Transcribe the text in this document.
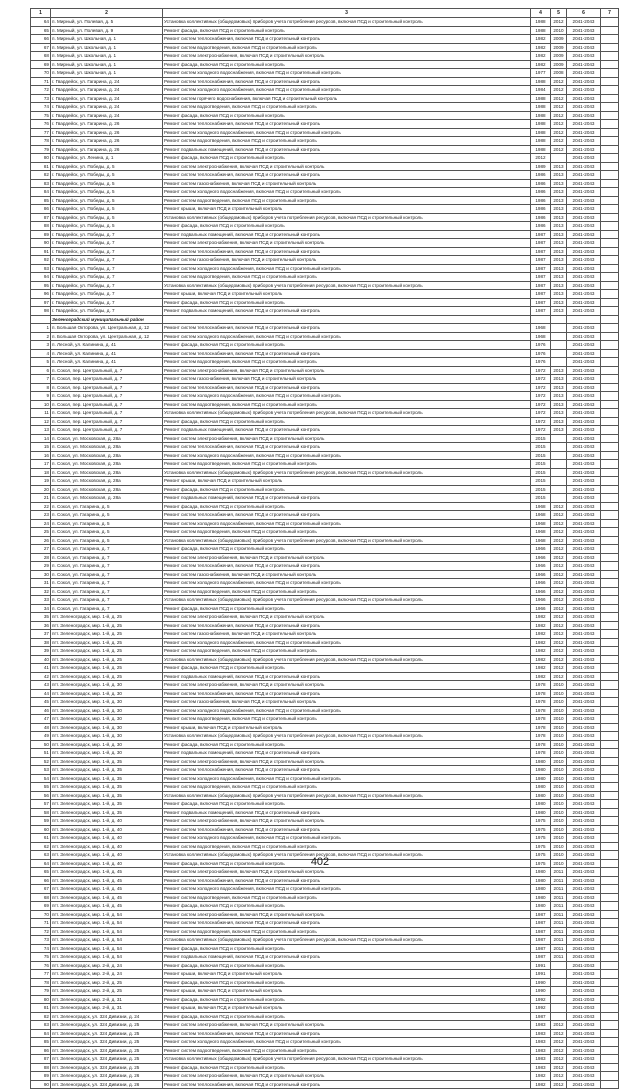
1	2	3	4	5	6	7
64	п. Мирный, ул. Полевая, д. 5	Установка коллективных (общедомовых) приборов учета потребления ресурсов, включая ПСД и строительный контроль	1988	2012	2041-2043	
65	п. Мирный, ул. Полевая, д. 9	Ремонт фасада, включая ПСД и строительный контроль	1988	2010	2041-2043	
66	п. Мирный, ул. Школьная, д. 1	Ремонт систем теплоснабжения, включая ПСД и строительный контроль	1982	2009	2041-2043	
67	п. Мирный, ул. Школьная, д. 1	Ремонт систем водоотведения, включая ПСД и строительный контроль	1982	2009	2041-2043	
68	п. Мирный, ул. Школьная, д. 1	Ремонт систем электроснабжения, включая ПСД и строительный контроль	1982	2009	2041-2043	
69	п. Мирный, ул. Школьная, д. 1	Ремонт фасада, включая ПСД и строительный контроль	1982	2009	2041-2043	
70	п. Мирный, ул. Школьная, д. 1	Ремонт систем холодного водоснабжения, включая ПСД и строительный контроль	1977	2008	2041-2043	
71	г. Гвардейск, ул. Гагарина, д. 24	Ремонт систем теплоснабжения, включая ПСД и строительный контроль	1988	2012	2041-2043	
72	г. Гвардейск, ул. Гагарина, д. 24	Ремонт систем холодного водоснабжения, включая ПСД и строительный контроль	1984	2012	2041-2043	
73	г. Гвардейск, ул. Гагарина, д. 24	Ремонт систем горячего водоснабжения, включая ПСД и строительный контроль	1988	2012	2041-2043	
74	г. Гвардейск, ул. Гагарина, д. 24	Ремонт систем водоотведения, включая ПСД и строительный контроль	1988	2012	2041-2043	
75	г. Гвардейск, ул. Гагарина, д. 24	Ремонт фасада, включая ПСД и строительный контроль	1988	2012	2041-2043	
76	г. Гвардейск, ул. Гагарина, д. 26	Ремонт систем теплоснабжения, включая ПСД и строительный контроль	1988	2012	2041-2043	
77	г. Гвардейск, ул. Гагарина, д. 26	Ремонт систем холодного водоснабжения, включая ПСД и строительный контроль	1988	2012	2041-2043	
78	г. Гвардейск, ул. Гагарина, д. 26	Ремонт систем водоотведения, включая ПСД и строительный контроль	1988	2012	2041-2043	
79	г. Гвардейск, ул. Гагарина, д. 26	Ремонт подвальных помещений, включая ПСД и строительный контроль	1988	2012	2041-2043	
80	г. Гвардейск, ул. Ленина, д. 1	Ремонт фасада, включая ПСД и строительный контроль	2012		2041-2043	
81	г. Гвардейск, ул. Победы, д. 5	Ремонт систем электроснабжения, включая ПСД и строительный контроль	1989	2013	2041-2043	
82	г. Гвардейск, ул. Победы, д. 5	Ремонт систем теплоснабжения, включая ПСД и строительный контроль	1986	2013	2041-2043	
83	г. Гвардейск, ул. Победы, д. 5	Ремонт систем газоснабжения, включая ПСД и строительный контроль	1986	2013	2041-2043	
84	г. Гвардейск, ул. Победы, д. 5	Ремонт систем холодного водоснабжения, включая ПСД и строительный контроль	1986	2013	2041-2043	
85	г. Гвардейск, ул. Победы, д. 5	Ремонт систем водоотведения, включая ПСД и строительный контроль	1986	2013	2041-2043	
86	г. Гвардейск, ул. Победы, д. 5	Ремонт крыши, включая ПСД и строительный контроль	1986	2013	2041-2043	
87	г. Гвардейск, ул. Победы, д. 5	Установка коллективных (общедомовых) приборов учета потребления ресурсов, включая ПСД и строительный контроль	1986	2013	2041-2043	
88	г. Гвардейск, ул. Победы, д. 5	Ремонт фасада, включая ПСД и строительный контроль	1986	2013	2041-2043	
89	г. Гвардейск, ул. Победы, д. 7	Ремонт подвальных помещений, включая ПСД и строительный контроль	1987	2013	2041-2043	
90	г. Гвардейск, ул. Победы, д. 7	Ремонт систем электроснабжения, включая ПСД и строительный контроль	1987	2013	2041-2043	
91	г. Гвардейск, ул. Победы, д. 7	Ремонт систем теплоснабжения, включая ПСД и строительный контроль	1987	2013	2041-2043	
92	г. Гвардейск, ул. Победы, д. 7	Ремонт систем газоснабжения, включая ПСД и строительный контроль	1987	2013	2041-2043	
93	г. Гвардейск, ул. Победы, д. 7	Ремонт систем холодного водоснабжения, включая ПСД и строительный контроль	1987	2013	2041-2043	
94	г. Гвардейск, ул. Победы, д. 7	Ремонт систем водоотведения, включая ПСД и строительный контроль	1987	2013	2041-2043	
95	г. Гвардейск, ул. Победы, д. 7	Установка коллективных (общедомовых) приборов учета потребления ресурсов, включая ПСД и строительный контроль	1987	2013	2041-2043	
96	г. Гвардейск, ул. Победы, д. 7	Ремонт крыши, включая ПСД и строительный контроль	1987	2013	2041-2043	
97	г. Гвардейск, ул. Победы, д. 7	Ремонт фасада, включая ПСД и строительный контроль	1987	2013	2041-2043	
98	г. Гвардейск, ул. Победы, д. 7	Ремонт подвальных помещений, включая ПСД и строительный контроль	1987	2013	2041-2043	
	Зеленоградский муниципальный район					
1	п. Большая Окторова, ул. Центральная, д. 12	Ремонт систем теплоснабжения, включая ПСД и строительный контроль	1968		2041-2043	
2	п. Большая Окторова, ул. Центральная, д. 12	Ремонт систем холодного водоснабжения, включая ПСД и строительный контроль	1968		2041-2043	
3	п. Лесной, ул. Калинина, д. 41	Ремонт фасада, включая ПСД и строительный контроль	1976		2041-2043	
4	п. Лесной, ул. Калинина, д. 41	Ремонт систем теплоснабжения, включая ПСД и строительный контроль	1976		2041-2043	
5	п. Лесной, ул. Калинина, д. 41	Ремонт систем водоотведения, включая ПСД и строительный контроль	1976		2041-2043	
6	п. Сокол, пер. Центральный, д. 7	Ремонт систем электроснабжения, включая ПСД и строительный контроль	1972	2013	2041-2043	
7	п. Сокол, пер. Центральный, д. 7	Ремонт систем газоснабжения, включая ПСД и строительный контроль	1972	2013	2041-2043	
8	п. Сокол, пер. Центральный, д. 7	Ремонт систем теплоснабжения, включая ПСД и строительный контроль	1972	2013	2041-2043	
9	п. Сокол, пер. Центральный, д. 7	Ремонт систем холодного водоснабжения, включая ПСД и строительный контроль	1972	2013	2041-2043	
10	п. Сокол, пер. Центральный, д. 7	Ремонт систем водоотведения, включая ПСД и строительный контроль	1972	2013	2041-2043	
11	п. Сокол, пер. Центральный, д. 7	Установка коллективных (общедомовых) приборов учета потребления ресурсов, включая ПСД и строительный контроль	1972	2013	2041-2043	
12	п. Сокол, пер. Центральный, д. 7	Ремонт фасада, включая ПСД и строительный контроль	1972	2013	2041-2043	
13	п. Сокол, пер. Центральный, д. 7	Ремонт подвальных помещений, включая ПСД и строительный контроль	1972	2013	2041-2043	
14	п. Сокол, ул. Московская, д. 28а	Ремонт систем электроснабжения, включая ПСД и строительный контроль	2015		2041-2043	
15	п. Сокол, ул. Московская, д. 28а	Ремонт систем теплоснабжения, включая ПСД и строительный контроль	2015		2041-2043	
16	п. Сокол, ул. Московская, д. 28а	Ремонт систем холодного водоснабжения, включая ПСД и строительный контроль	2015		2041-2043	
17	п. Сокол, ул. Московская, д. 28а	Ремонт систем водоотведения, включая ПСД и строительный контроль	2015		2041-2043	
18	п. Сокол, ул. Московская, д. 28а	Установка коллективных (общедомовых) приборов учета потребления ресурсов, включая ПСД и строительный контроль	2015		2041-2043	
19	п. Сокол, ул. Московская, д. 28а	Ремонт крыши, включая ПСД и строительный контроль	2015		2041-2043	
20	п. Сокол, ул. Московская, д. 28а	Ремонт фасада, включая ПСД и строительный контроль	2015		2041-2043	
21	п. Сокол, ул. Московская, д. 28а	Ремонт подвальных помещений, включая ПСД и строительный контроль	2015		2041-2043	
22	п. Сокол, ул. Гагарина, д. 5	Ремонт фасада, включая ПСД и строительный контроль	1968	2012	2041-2043	
23	п. Сокол, ул. Гагарина, д. 5	Ремонт систем теплоснабжения, включая ПСД и строительный контроль	1968	2012	2041-2043	
24	п. Сокол, ул. Гагарина, д. 5	Ремонт систем холодного водоснабжения, включая ПСД и строительный контроль	1968	2012	2041-2043	
25	п. Сокол, ул. Гагарина, д. 5	Ремонт систем водоотведения, включая ПСД и строительный контроль	1968	2012	2041-2043	
26	п. Сокол, ул. Гагарина, д. 5	Установка коллективных (общедомовых) приборов учета потребления ресурсов, включая ПСД и строительный контроль	1968	2012	2041-2043	
27	п. Сокол, ул. Гагарина, д. 7	Ремонт фасада, включая ПСД и строительный контроль	1966	2012	2041-2043	
28	п. Сокол, ул. Гагарина, д. 7	Ремонт систем электроснабжения, включая ПСД и строительный контроль	1966	2012	2041-2043	
29	п. Сокол, ул. Гагарина, д. 7	Ремонт систем теплоснабжения, включая ПСД и строительный контроль	1966	2012	2041-2043	
30	п. Сокол, ул. Гагарина, д. 7	Ремонт систем газоснабжения, включая ПСД и строительный контроль	1966	2012	2041-2043	
31	п. Сокол, ул. Гагарина, д. 7	Ремонт систем холодного водоснабжения, включая ПСД и строительный контроль	1966	2012	2041-2043	
32	п. Сокол, ул. Гагарина, д. 7	Ремонт систем водоотведения, включая ПСД и строительный контроль	1966	2012	2041-2043	
33	п. Сокол, ул. Гагарина, д. 7	Установка коллективных (общедомовых) приборов учета потребления ресурсов, включая ПСД и строительный контроль	1966	2012	2041-2043	
34	п. Сокол, ул. Гагарина, д. 7	Ремонт фасада, включая ПСД и строительный контроль	1966	2012	2041-2043	
35	пгт. Зеленоградск, мкр. 1-й, д. 25	Ремонт систем электроснабжения, включая ПСД и строительный контроль	1982	2012	2041-2043	
36	пгт. Зеленоградск, мкр. 1-й, д. 25	Ремонт систем теплоснабжения, включая ПСД и строительный контроль	1982	2012	2041-2043	
37	пгт. Зеленоградск, мкр. 1-й, д. 25	Ремонт систем газоснабжения, включая ПСД и строительный контроль	1982	2012	2041-2043	
38	пгт. Зеленоградск, мкр. 1-й, д. 25	Ремонт систем холодного водоснабжения, включая ПСД и строительный контроль	1982	2012	2041-2043	
39	пгт. Зеленоградск, мкр. 1-й, д. 25	Ремонт систем водоотведения, включая ПСД и строительный контроль	1982	2012	2041-2043	
40	пгт. Зеленоградск, мкр. 1-й, д. 25	Установка коллективных (общедомовых) приборов учета потребления ресурсов, включая ПСД и строительный контроль	1982	2012	2041-2043	
41	пгт. Зеленоградск, мкр. 1-й, д. 25	Ремонт фасада, включая ПСД и строительный контроль	1982	2012	2041-2043	
42	пгт. Зеленоградск, мкр. 1-й, д. 25	Ремонт подвальных помещений, включая ПСД и строительный контроль	1982	2012	2041-2043	
43	пгт. Зеленоградск, мкр. 1-й, д. 30	Ремонт систем электроснабжения, включая ПСД и строительный контроль	1978	2010	2041-2043	
44	пгт. Зеленоградск, мкр. 1-й, д. 30	Ремонт систем теплоснабжения, включая ПСД и строительный контроль	1978	2010	2041-2043	
45	пгт. Зеленоградск, мкр. 1-й, д. 30	Ремонт систем газоснабжения, включая ПСД и строительный контроль	1978	2010	2041-2043	
46	пгт. Зеленоградск, мкр. 1-й, д. 30	Ремонт систем холодного водоснабжения, включая ПСД и строительный контроль	1978	2010	2041-2043	
47	пгт. Зеленоградск, мкр. 1-й, д. 30	Ремонт систем водоотведения, включая ПСД и строительный контроль	1978	2010	2041-2043	
48	пгт. Зеленоградск, мкр. 1-й, д. 30	Ремонт крыши, включая ПСД и строительный контроль	1978	2010	2041-2043	
49	пгт. Зеленоградск, мкр. 1-й, д. 30	Установка коллективных (общедомовых) приборов учета потребления ресурсов, включая ПСД и строительный контроль	1978	2010	2041-2043	
50	пгт. Зеленоградск, мкр. 1-й, д. 30	Ремонт фасада, включая ПСД и строительный контроль	1978	2010	2041-2043	
51	пгт. Зеленоградск, мкр. 1-й, д. 30	Ремонт подвальных помещений, включая ПСД и строительный контроль	1978	2010	2041-2043	
52	пгт. Зеленоградск, мкр. 1-й, д. 35	Ремонт систем электроснабжения, включая ПСД и строительный контроль	1980	2010	2041-2043	
53	пгт. Зеленоградск, мкр. 1-й, д. 35	Ремонт систем теплоснабжения, включая ПСД и строительный контроль	1980	2010	2041-2043	
54	пгт. Зеленоградск, мкр. 1-й, д. 35	Ремонт систем холодного водоснабжения, включая ПСД и строительный контроль	1980	2010	2041-2043	
55	пгт. Зеленоградск, мкр. 1-й, д. 35	Ремонт систем водоотведения, включая ПСД и строительный контроль	1980	2010	2041-2043	
56	пгт. Зеленоградск, мкр. 1-й, д. 35	Установка коллективных (общедомовых) приборов учета потребления ресурсов, включая ПСД и строительный контроль	1980	2010	2041-2043	
57	пгт. Зеленоградск, мкр. 1-й, д. 35	Ремонт фасада, включая ПСД и строительный контроль	1980	2010	2041-2043	
58	пгт. Зеленоградск, мкр. 1-й, д. 35	Ремонт подвальных помещений, включая ПСД и строительный контроль	1980	2010	2041-2043	
59	пгт. Зеленоградск, мкр. 1-й, д. 40	Ремонт систем электроснабжения, включая ПСД и строительный контроль	1975	2010	2041-2043	
60	пгт. Зеленоградск, мкр. 1-й, д. 40	Ремонт систем теплоснабжения, включая ПСД и строительный контроль	1975	2010	2041-2043	
61	пгт. Зеленоградск, мкр. 1-й, д. 40	Ремонт систем холодного водоснабжения, включая ПСД и строительный контроль	1975	2010	2041-2043	
62	пгт. Зеленоградск, мкр. 1-й, д. 40	Ремонт систем водоотведения, включая ПСД и строительный контроль	1975	2010	2041-2043	
63	пгт. Зеленоградск, мкр. 1-й, д. 40	Установка коллективных (общедомовых) приборов учета потребления ресурсов, включая ПСД и строительный контроль	1975	2010	2041-2043	
64	пгт. Зеленоградск, мкр. 1-й, д. 40	Ремонт фасада, включая ПСД и строительный контроль	1975	2010	2041-2043	
65	пгт. Зеленоградск, мкр. 1-й, д. 45	Ремонт систем электроснабжения, включая ПСД и строительный контроль	1980	2011	2041-2043	
66	пгт. Зеленоградск, мкр. 1-й, д. 45	Ремонт систем теплоснабжения, включая ПСД и строительный контроль	1980	2011	2041-2043	
67	пгт. Зеленоградск, мкр. 1-й, д. 45	Ремонт систем холодного водоснабжения, включая ПСД и строительный контроль	1980	2011	2041-2043	
68	пгт. Зеленоградск, мкр. 1-й, д. 45	Ремонт систем водоотведения, включая ПСД и строительный контроль	1980	2011	2041-2043	
69	пгт. Зеленоградск, мкр. 1-й, д. 45	Ремонт фасада, включая ПСД и строительный контроль	1980	2011	2041-2043	
70	пгт. Зеленоградск, мкр. 1-й, д. 54	Ремонт систем электроснабжения, включая ПСД и строительный контроль	1987	2011	2041-2043	
71	пгт. Зеленоградск, мкр. 1-й, д. 54	Ремонт систем теплоснабжения, включая ПСД и строительный контроль	1987	2011	2041-2043	
72	пгт. Зеленоградск, мкр. 1-й, д. 54	Ремонт систем водоотведения, включая ПСД и строительный контроль	1987	2011	2041-2043	
73	пгт. Зеленоградск, мкр. 1-й, д. 54	Установка коллективных (общедомовых) приборов учета потребления ресурсов, включая ПСД и строительный контроль	1987	2011	2041-2043	
74	пгт. Зеленоградск, мкр. 1-й, д. 54	Ремонт фасада, включая ПСД и строительный контроль	1987	2011	2041-2043	
75	пгт. Зеленоградск, мкр. 1-й, д. 54	Ремонт подвальных помещений, включая ПСД и строительный контроль	1987	2011	2041-2043	
76	пгт. Зеленоградск, мкр. 2-й, д. 24	Ремонт фасада, включая ПСД и строительный контроль	1991		2041-2043	
77	пгт. Зеленоградск, мкр. 2-й, д. 24	Ремонт крыши, включая ПСД и строительный контроль	1991		2041-2043	
78	пгт. Зеленоградск, мкр. 2-й, д. 25	Ремонт фасада, включая ПСД и строительный контроль	1990		2041-2043	
79	пгт. Зеленоградск, мкр. 2-й, д. 25	Ремонт крыши, включая ПСД и строительный контроль	1990		2041-2043	
80	пгт. Зеленоградск, мкр. 2-й, д. 31	Ремонт фасада, включая ПСД и строительный контроль	1992		2041-2043	
81	пгт. Зеленоградск, мкр. 2-й, д. 31	Ремонт крыши, включая ПСД и строительный контроль	1992		2041-2043	
82	пгт. Зеленоградск, ул. 324 Дивизии, д. 24	Ремонт фасада, включая ПСД и строительный контроль	1987		2041-2043	
83	пгт. Зеленоградск, ул. 324 Дивизии, д. 25	Ремонт систем электроснабжения, включая ПСД и строительный контроль	1983	2012	2041-2043	
84	пгт. Зеленоградск, ул. 324 Дивизии, д. 25	Ремонт систем теплоснабжения, включая ПСД и строительный контроль	1983	2012	2041-2043	
85	пгт. Зеленоградск, ул. 324 Дивизии, д. 25	Ремонт систем холодного водоснабжения, включая ПСД и строительный контроль	1983	2012	2041-2043	
86	пгт. Зеленоградск, ул. 324 Дивизии, д. 25	Ремонт систем водоотведения, включая ПСД и строительный контроль	1983	2012	2041-2043	
87	пгт. Зеленоградск, ул. 324 Дивизии, д. 25	Установка коллективных (общедомовых) приборов учета потребления ресурсов, включая ПСД и строительный контроль	1983	2012	2041-2043	
88	пгт. Зеленоградск, ул. 324 Дивизии, д. 25	Ремонт фасада, включая ПСД и строительный контроль	1983	2012	2041-2043	
89	пгт. Зеленоградск, ул. 324 Дивизии, д. 26	Ремонт систем электроснабжения, включая ПСД и строительный контроль	1982	2012	2041-2043	
90	пгт. Зеленоградск, ул. 324 Дивизии, д. 26	Ремонт систем теплоснабжения, включая ПСД и строительный контроль	1982	2012	2041-2043	
402
